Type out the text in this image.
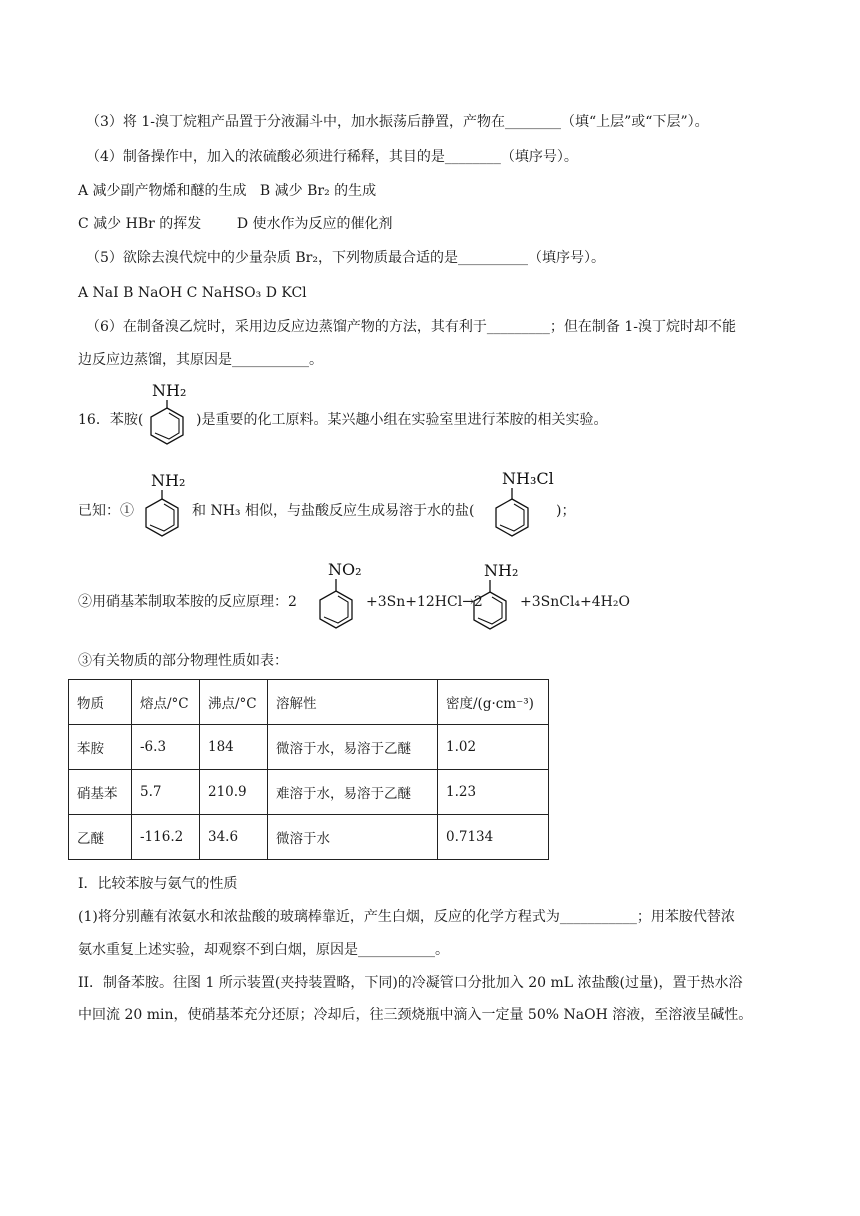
（3）将 1-溴丁烷粗产品置于分液漏斗中，加水振荡后静置，产物在________（填“上层”或“下层”）。
（4）制备操作中，加入的浓硫酸必须进行稀释，其目的是________（填序号）。
A 减少副产物烯和醚的生成 B 减少 Br₂ 的生成
C 减少 HBr 的挥发	D 使水作为反应的催化剂
（5）欲除去溴代烷中的少量杂质 Br₂，下列物质最合适的是__________（填序号）。
A NaI B NaOH C NaHSO₃ D KCl
（6）在制备溴乙烷时，采用边反应边蒸馏产物的方法，其有利于_________；但在制备 1-溴丁烷时却不能
边反应边蒸馏，其原因是___________。
16．苯胺(
NH₂
)是重要的化工原料。某兴趣小组在实验室里进行苯胺的相关实验。
已知：①
NH₂
和 NH₃ 相似，与盐酸反应生成易溶于水的盐(
NH₃Cl
)；
②用硝基苯制取苯胺的反应原理：2
NO₂
+3Sn+12HCl→2
NH₂
+3SnCl₄+4H₂O
③有关物质的部分物理性质如表：
物质	熔点/°C	沸点/°C	溶解性	密度/(g·cm⁻³)
苯胺	-6.3	184	微溶于水，易溶于乙醚	1.02
硝基苯	5.7	210.9	难溶于水，易溶于乙醚	1.23
乙醚	-116.2	34.6	微溶于水	0.7134
I．比较苯胺与氨气的性质
(1)将分别蘸有浓氨水和浓盐酸的玻璃棒靠近，产生白烟，反应的化学方程式为___________；用苯胺代替浓
氨水重复上述实验，却观察不到白烟，原因是___________。
II．制备苯胺。往图 1 所示装置(夹持装置略，下同)的冷凝管口分批加入 20 mL 浓盐酸(过量)，置于热水浴
中回流 20 min，使硝基苯充分还原；冷却后，往三颈烧瓶中滴入一定量 50% NaOH 溶液，至溶液呈碱性。
